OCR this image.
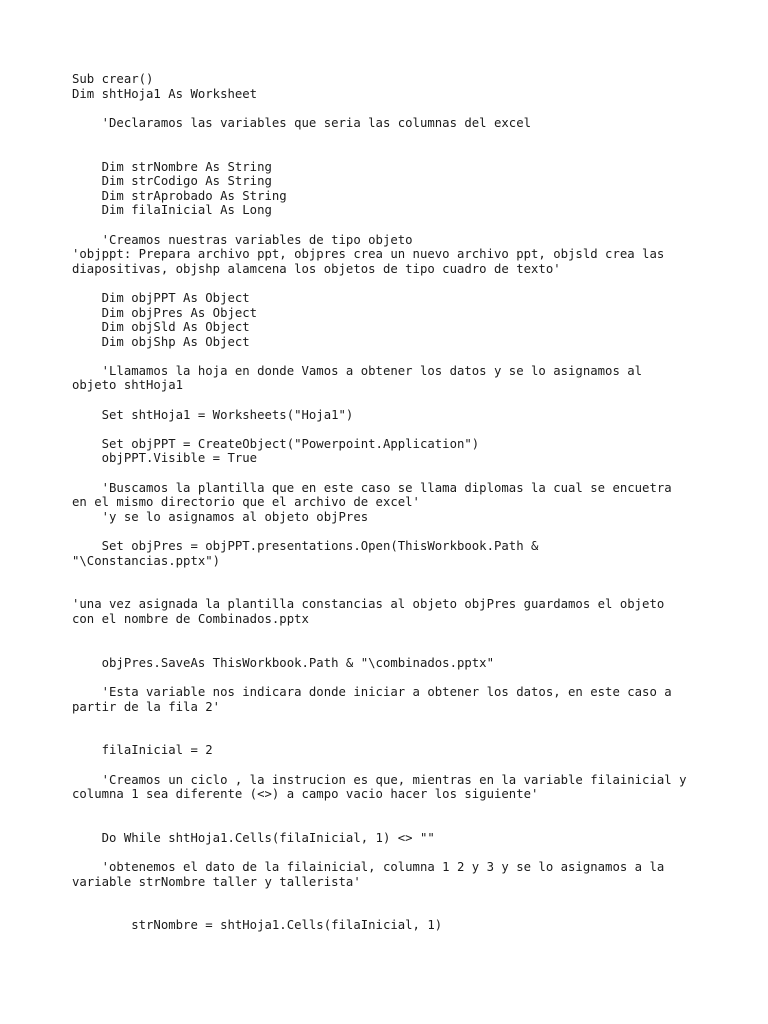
Sub crear()
Dim shtHoja1 As Worksheet
'Declaramos las variables que seria las columnas del excel
Dim strNombre As String
Dim strCodigo As String
Dim strAprobado As String
Dim filaInicial As Long
'Creamos nuestras variables de tipo objeto
'objppt: Prepara archivo ppt, objpres crea un nuevo archivo ppt, objsld crea las
diapositivas, objshp alamcena los objetos de tipo cuadro de texto'
Dim objPPT As Object
Dim objPres As Object
Dim objSld As Object
Dim objShp As Object
'Llamamos la hoja en donde Vamos a obtener los datos y se lo asignamos al
objeto shtHoja1
Set shtHoja1 = Worksheets("Hoja1")
Set objPPT = CreateObject("Powerpoint.Application")
objPPT.Visible = True
'Buscamos la plantilla que en este caso se llama diplomas la cual se encuetra
en el mismo directorio que el archivo de excel'
'y se lo asignamos al objeto objPres
Set objPres = objPPT.presentations.Open(ThisWorkbook.Path &
"\Constancias.pptx")
'una vez asignada la plantilla constancias al objeto objPres guardamos el objeto
con el nombre de Combinados.pptx
objPres.SaveAs ThisWorkbook.Path & "\combinados.pptx"
'Esta variable nos indicara donde iniciar a obtener los datos, en este caso a
partir de la fila 2'
filaInicial = 2
'Creamos un ciclo , la instrucion es que, mientras en la variable filainicial y
columna 1 sea diferente (<>) a campo vacio hacer los siguiente'
Do While shtHoja1.Cells(filaInicial, 1) <> ""
'obtenemos el dato de la filainicial, columna 1 2 y 3 y se lo asignamos a la
variable strNombre taller y tallerista'
strNombre = shtHoja1.Cells(filaInicial, 1)
